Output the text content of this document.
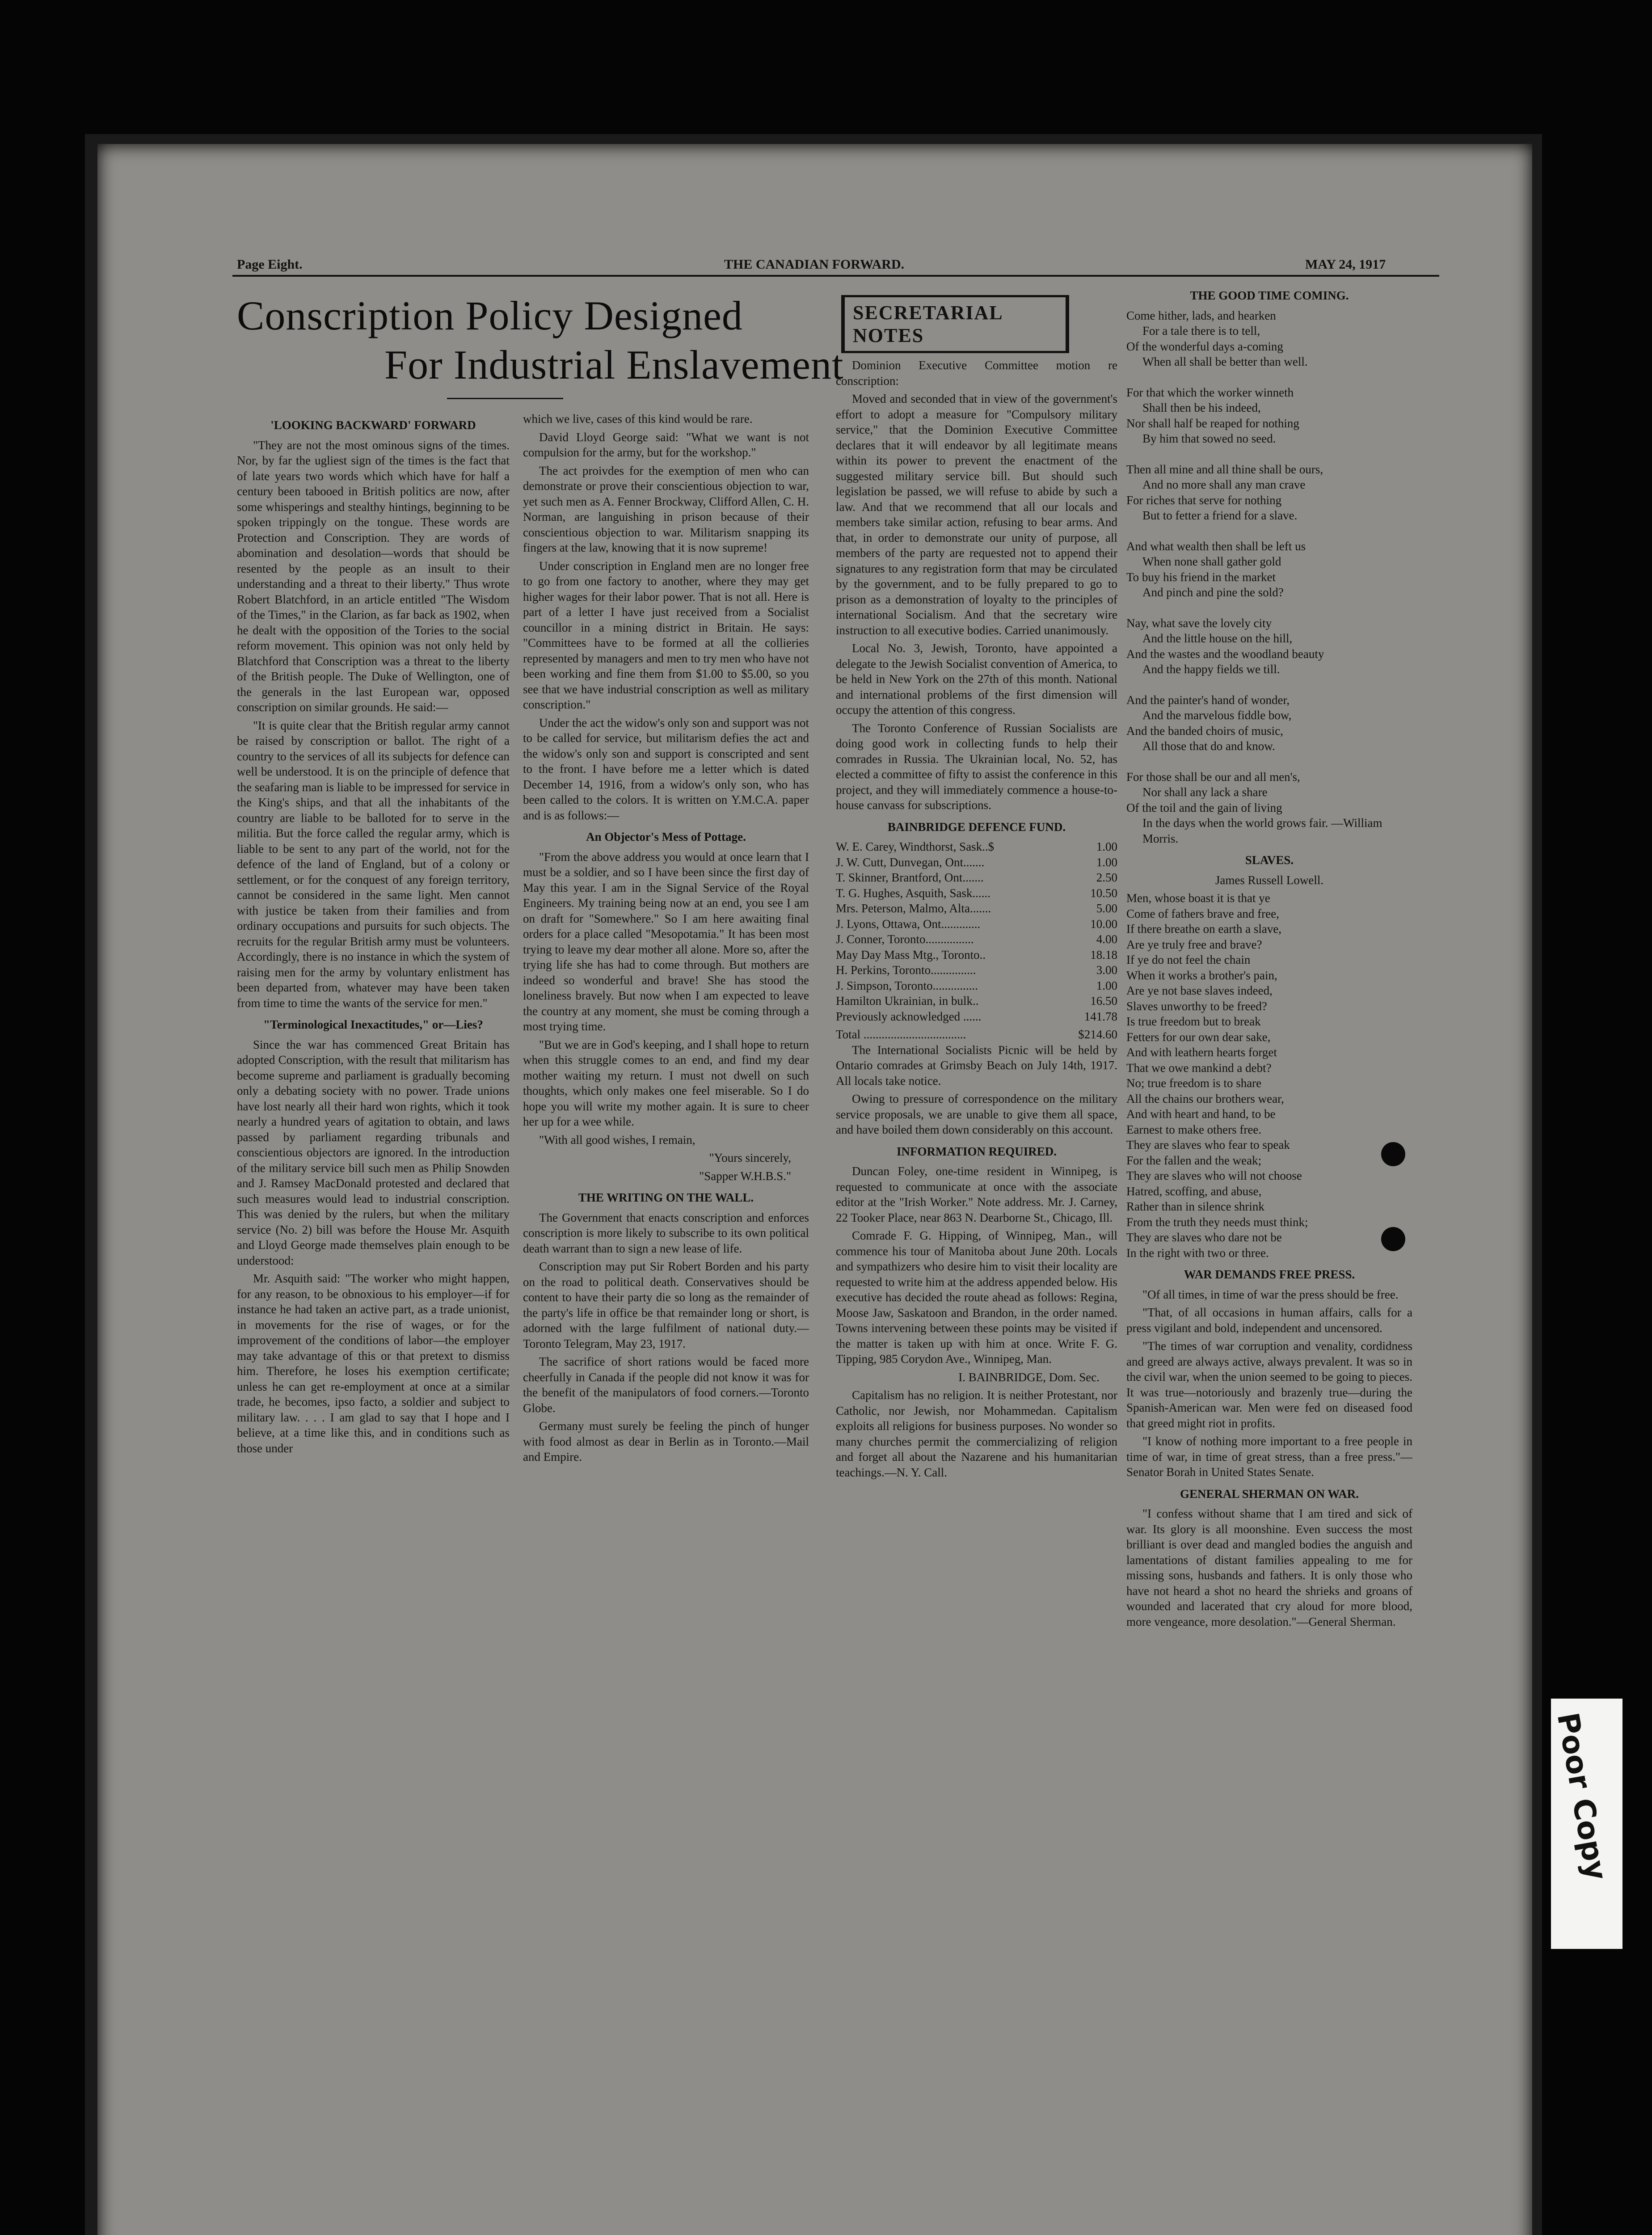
Page Eight.	THE CANADIAN FORWARD.	MAY 24, 1917
Conscription Policy Designed
For Industrial Enslavement
'LOOKING BACKWARD' FORWARD

"They are not the most ominous signs of the times. Nor, by far the ugliest sign of the times is the fact that of late years two words which which have for half a century been tabooed in British politics are now, after some whisperings and stealthy hintings, beginning to be spoken trippingly on the tongue. These words are Protection and Conscription. They are words of abomination and desolation—words that should be resented by the people as an insult to their understanding and a threat to their liberty." Thus wrote Robert Blatchford, in an article entitled "The Wisdom of the Times," in the Clarion, as far back as 1902, when he dealt with the opposition of the Tories to the social reform movement. This opinion was not only held by Blatchford that Conscription was a threat to the liberty of the British people. The Duke of Wellington, one of the generals in the last European war, opposed conscription on similar grounds. He said:—

"It is quite clear that the British regular army cannot be raised by conscription or ballot. The right of a country to the services of all its subjects for defence can well be understood. It is on the principle of defence that the seafaring man is liable to be impressed for service in the King's ships, and that all the inhabitants of the country are liable to be balloted for to serve in the militia. But the force called the regular army, which is liable to be sent to any part of the world, not for the defence of the land of England, but of a colony or settlement, or for the conquest of any foreign territory, cannot be considered in the same light. Men cannot with justice be taken from their families and from ordinary occupations and pursuits for such objects. The recruits for the regular British army must be volunteers. Accordingly, there is no instance in which the system of raising men for the army by voluntary enlistment has been departed from, whatever may have been taken from time to time the wants of the service for men."

"Terminological Inexactitudes," or—Lies?

Since the war has commenced Great Britain has adopted Conscription, with the result that militarism has become supreme and parliament is gradually becoming only a debating society with no power. Trade unions have lost nearly all their hard won rights, which it took nearly a hundred years of agitation to obtain, and laws passed by parliament regarding tribunals and conscientious objectors are ignored. In the introduction of the military service bill such men as Philip Snowden and J. Ramsey MacDonald protested and declared that such measures would lead to industrial conscription. This was denied by the rulers, but when the military service (No. 2) bill was before the House Mr. Asquith and Lloyd George made themselves plain enough to be understood:

Mr. Asquith said: "The worker who might happen, for any reason, to be obnoxious to his employer—if for instance he had taken an active part, as a trade unionist, in movements for the rise of wages, or for the improvement of the conditions of labor—the employer may take advantage of this or that pretext to dismiss him. Therefore, he loses his exemption certificate; unless he can get re-employment at once at a similar trade, he becomes, ipso facto, a soldier and subject to military law. . . . I am glad to say that I hope and I believe, at a time like this, and in conditions such as those under

which we live, cases of this kind would be rare.

David Lloyd George said: "What we want is not compulsion for the army, but for the workshop."

The act proivdes for the exemption of men who can demonstrate or prove their conscientious objection to war, yet such men as A. Fenner Brockway, Clifford Allen, C. H. Norman, are languishing in prison because of their conscientious objection to war. Militarism snapping its fingers at the law, knowing that it is now supreme!

Under conscription in England men are no longer free to go from one factory to another, where they may get higher wages for their labor power. That is not all. Here is part of a letter I have just received from a Socialist councillor in a mining district in Britain. He says: "Committees have to be formed at all the collieries represented by managers and men to try men who have not been working and fine them from $1.00 to $5.00, so you see that we have industrial conscription as well as military conscription."

Under the act the widow's only son and support was not to be called for service, but militarism defies the act and the widow's only son and support is conscripted and sent to the front. I have before me a letter which is dated December 14, 1916, from a widow's only son, who has been called to the colors. It is written on Y.M.C.A. paper and is as follows:—

An Objector's Mess of Pottage.

"From the above address you would at once learn that I must be a soldier, and so I have been since the first day of May this year. I am in the Signal Service of the Royal Engineers. My training being now at an end, you see I am on draft for "Somewhere." So I am here awaiting final orders for a place called "Mesopotamia." It has been most trying to leave my dear mother all alone. More so, after the trying life she has had to come through. But mothers are indeed so wonderful and brave! She has stood the loneliness bravely. But now when I am expected to leave the country at any moment, she must be coming through a most trying time.

"But we are in God's keeping, and I shall hope to return when this struggle comes to an end, and find my dear mother waiting my return. I must not dwell on such thoughts, which only makes one feel miserable. So I do hope you will write my mother again. It is sure to cheer her up for a wee while.

"With all good wishes, I remain,

"Yours sincerely,

"Sapper W.H.B.S."

THE WRITING ON THE WALL.

The Government that enacts conscription and enforces conscription is more likely to subscribe to its own political death warrant than to sign a new lease of life.

Conscription may put Sir Robert Borden and his party on the road to political death. Conservatives should be content to have their party die so long as the remainder of the party's life in office be that remainder long or short, is adorned with the large fulfilment of national duty.—Toronto Telegram, May 23, 1917.

The sacrifice of short rations would be faced more cheerfully in Canada if the people did not know it was for the benefit of the manipulators of food corners.—Toronto Globe.

Germany must surely be feeling the pinch of hunger with food almost as dear in Berlin as in Toronto.—Mail and Empire.

SECRETARIAL NOTES

Dominion Executive Committee motion re conscription:

Moved and seconded that in view of the government's effort to adopt a measure for "Compulsory military service," that the Dominion Executive Committee declares that it will endeavor by all legitimate means within its power to prevent the enactment of the suggested military service bill. But should such legislation be passed, we will refuse to abide by such a law. And that we recommend that all our locals and members take similar action, refusing to bear arms. And that, in order to demonstrate our unity of purpose, all members of the party are requested not to append their signatures to any registration form that may be circulated by the government, and to be fully prepared to go to prison as a demonstration of loyalty to the principles of international Socialism. And that the secretary wire instruction to all executive bodies. Carried unanimously.

Local No. 3, Jewish, Toronto, have appointed a delegate to the Jewish Socialist convention of America, to be held in New York on the 27th of this month. National and international problems of the first dimension will occupy the attention of this congress.

The Toronto Conference of Russian Socialists are doing good work in collecting funds to help their comrades in Russia. The Ukrainian local, No. 52, has elected a committee of fifty to assist the conference in this project, and they will immediately commence a house-to-house canvass for subscriptions.

BAINBRIDGE DEFENCE FUND.
W. E. Carey, Windthorst, Sask..$	1.00
J. W. Cutt, Dunvegan, Ont.......	1.00
T. Skinner, Brantford, Ont.......	2.50
T. G. Hughes, Asquith, Sask......	10.50
Mrs. Peterson, Malmo, Alta.......	5.00
J. Lyons, Ottawa, Ont.............	10.00
J. Conner, Toronto................	4.00
May Day Mass Mtg., Toronto..	18.18
H. Perkins, Toronto...............	3.00
J. Simpson, Toronto...............	1.00
Hamilton Ukrainian, in bulk..	16.50
Previously acknowledged ......	141.78
Total ..................................	$214.60

The International Socialists Picnic will be held by Ontario comrades at Grimsby Beach on July 14th, 1917. All locals take notice.

Owing to pressure of correspondence on the military service proposals, we are unable to give them all space, and have boiled them down considerably on this account.

INFORMATION REQUIRED.

Duncan Foley, one-time resident in Winnipeg, is requested to communicate at once with the associate editor at the "Irish Worker." Note address. Mr. J. Carney, 22 Tooker Place, near 863 N. Dearborne St., Chicago, Ill.

Comrade F. G. Hipping, of Winnipeg, Man., will commence his tour of Manitoba about June 20th. Locals and sympathizers who desire him to visit their locality are requested to write him at the address appended below. His executive has decided the route ahead as follows: Regina, Moose Jaw, Saskatoon and Brandon, in the order named. Towns intervening between these points may be visited if the matter is taken up with him at once. Write F. G. Tipping, 985 Corydon Ave., Winnipeg, Man.

I. BAINBRIDGE, Dom. Sec.

Capitalism has no religion. It is neither Protestant, nor Catholic, nor Jewish, nor Mohammedan. Capitalism exploits all religions for business purposes. No wonder so many churches permit the commercializing of religion and forget all about the Nazarene and his humanitarian teachings.—N. Y. Call.

THE GOOD TIME COMING.
Come hither, lads, and hearken
For a tale there is to tell,
Of the wonderful days a-coming
When all shall be better than well.
For that which the worker winneth
Shall then be his indeed,
Nor shall half be reaped for nothing
By him that sowed no seed.
Then all mine and all thine shall be ours,
And no more shall any man crave
For riches that serve for nothing
But to fetter a friend for a slave.
And what wealth then shall be left us
When none shall gather gold
To buy his friend in the market
And pinch and pine the sold?
Nay, what save the lovely city
And the little house on the hill,
And the wastes and the woodland beauty
And the happy fields we till.
And the painter's hand of wonder,
And the marvelous fiddle bow,
And the banded choirs of music,
All those that do and know.
For those shall be our and all men's,
Nor shall any lack a share
Of the toil and the gain of living
In the days when the world grows fair. —William Morris.
SLAVES.

James Russell Lowell.

Men, whose boast it is that ye
Come of fathers brave and free,
If there breathe on earth a slave,
Are ye truly free and brave?
If ye do not feel the chain
When it works a brother's pain,
Are ye not base slaves indeed,
Slaves unworthy to be freed?
Is true freedom but to break
Fetters for our own dear sake,
And with leathern hearts forget
That we owe mankind a debt?
No; true freedom is to share
All the chains our brothers wear,
And with heart and hand, to be
Earnest to make others free.
They are slaves who fear to speak
For the fallen and the weak;
They are slaves who will not choose
Hatred, scoffing, and abuse,
Rather than in silence shrink
From the truth they needs must think;
They are slaves who dare not be
In the right with two or three.
WAR DEMANDS FREE PRESS.

"Of all times, in time of war the press should be free.

"That, of all occasions in human affairs, calls for a press vigilant and bold, independent and uncensored.

"The times of war corruption and venality, cordidness and greed are always active, always prevalent. It was so in the civil war, when the union seemed to be going to pieces. It was true—notoriously and brazenly true—during the Spanish-American war. Men were fed on diseased food that greed might riot in profits.

"I know of nothing more important to a free people in time of war, in time of great stress, than a free press."—Senator Borah in United States Senate.

GENERAL SHERMAN ON WAR.

"I confess without shame that I am tired and sick of war. Its glory is all moonshine. Even success the most brilliant is over dead and mangled bodies the anguish and lamentations of distant families appealing to me for missing sons, husbands and fathers. It is only those who have not heard a shot no heard the shrieks and groans of wounded and lacerated that cry aloud for more blood, more vengeance, more desolation."—General Sherman.

Poor Copy
